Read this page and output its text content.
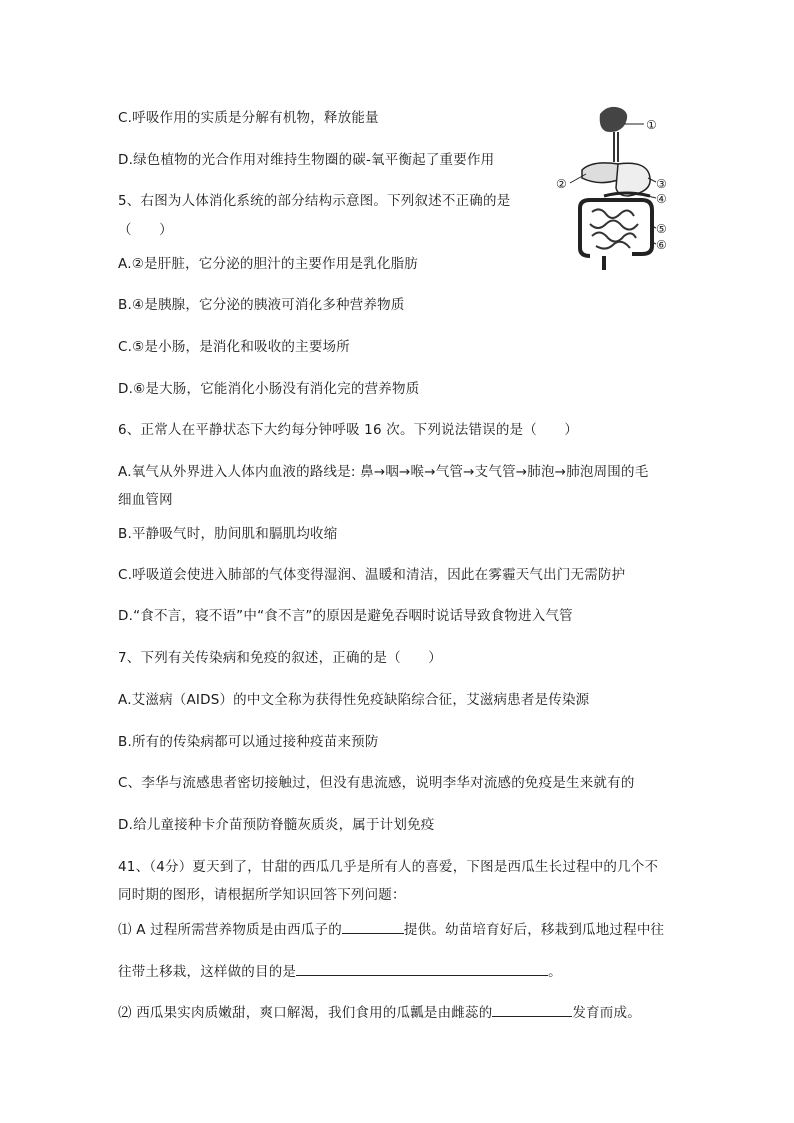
C.呼吸作用的实质是分解有机物，释放能量
D.绿色植物的光合作用对维持生物圈的碳-氧平衡起了重要作用
5、右图为人体消化系统的部分结构示意图。下列叙述不正确的是
（　　）
A.②是肝脏，它分泌的胆汁的主要作用是乳化脂肪
B.④是胰腺，它分泌的胰液可消化多种营养物质
C.⑤是小肠，是消化和吸收的主要场所
D.⑥是大肠，它能消化小肠没有消化完的营养物质
①
②	③
④
⑤
⑥
6、正常人在平静状态下大约每分钟呼吸 16 次。下列说法错误的是（　　）
A.氧气从外界进入人体内血液的路线是: 鼻→咽→喉→气管→支气管→肺泡→肺泡周围的毛
细血管网
B.平静吸气时，肋间肌和膈肌均收缩
C.呼吸道会使进入肺部的气体变得湿润、温暖和清洁，因此在雾霾天气出门无需防护
D.“食不言，寝不语”中“食不言”的原因是避免吞咽时说话导致食物进入气管
7、下列有关传染病和免疫的叙述，正确的是（　　）
A.艾滋病（AIDS）的中文全称为获得性免疫缺陷综合征，艾滋病患者是传染源
B.所有的传染病都可以通过接种疫苗来预防
C、李华与流感患者密切接触过，但没有患流感，说明李华对流感的免疫是生来就有的
D.给儿童接种卡介苗预防脊髓灰质炎，属于计划免疫
41、（4分）夏天到了，甘甜的西瓜几乎是所有人的喜爱，下图是西瓜生长过程中的几个不
同时期的图形，请根据所学知识回答下列问题：
⑴ A 过程所需营养物质是由西瓜子的	提供。幼苗培育好后，移栽到瓜地过程中往
往带土移栽，这样做的目的是	。
⑵ 西瓜果实肉质嫩甜，爽口解渴，我们食用的瓜瓤是由雌蕊的	发育而成。
